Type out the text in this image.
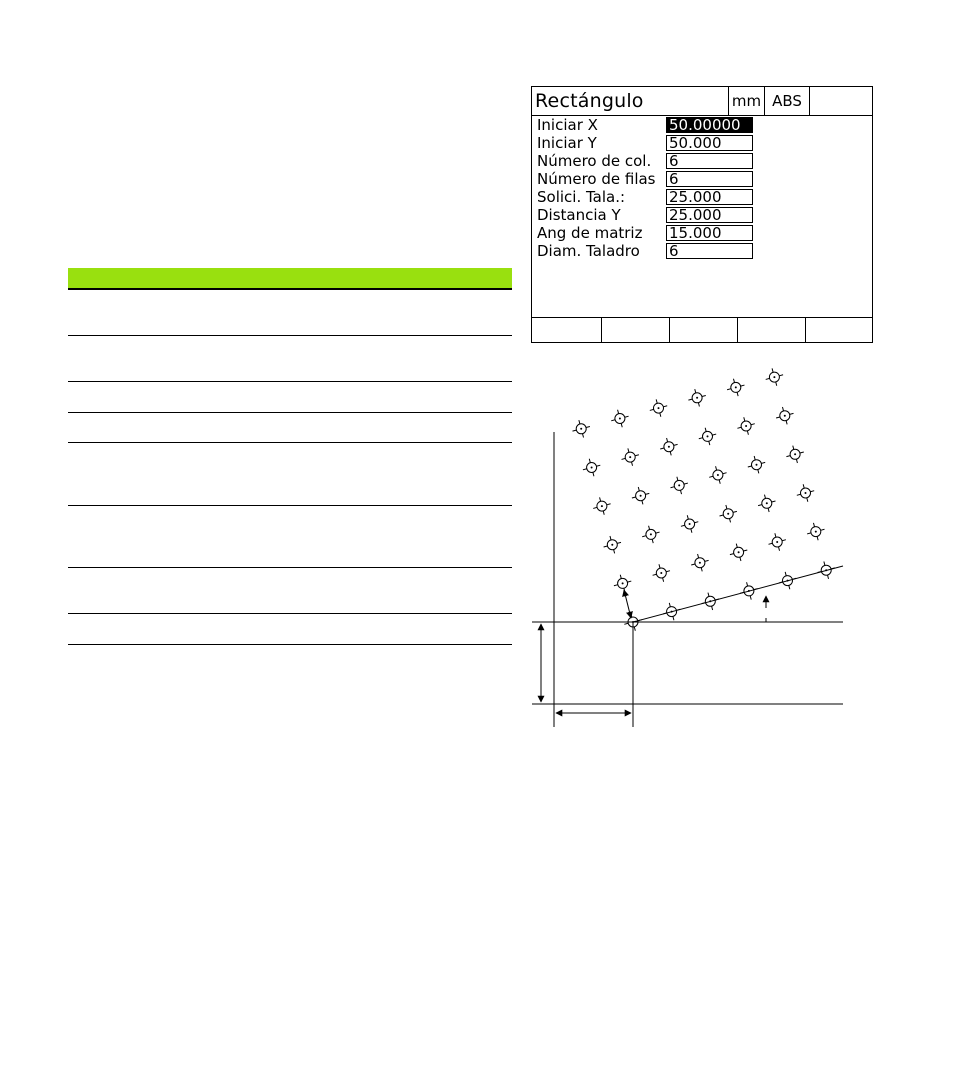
Rectángulo	mm ABS
Iniciar X	50.00000
Iniciar Y	50.000
Número de col. 6
Número de filas 6
Solici. Tala.:	25.000
Distancia Y	25.000
Ang de matriz 15.000
Diam. Taladro 6
